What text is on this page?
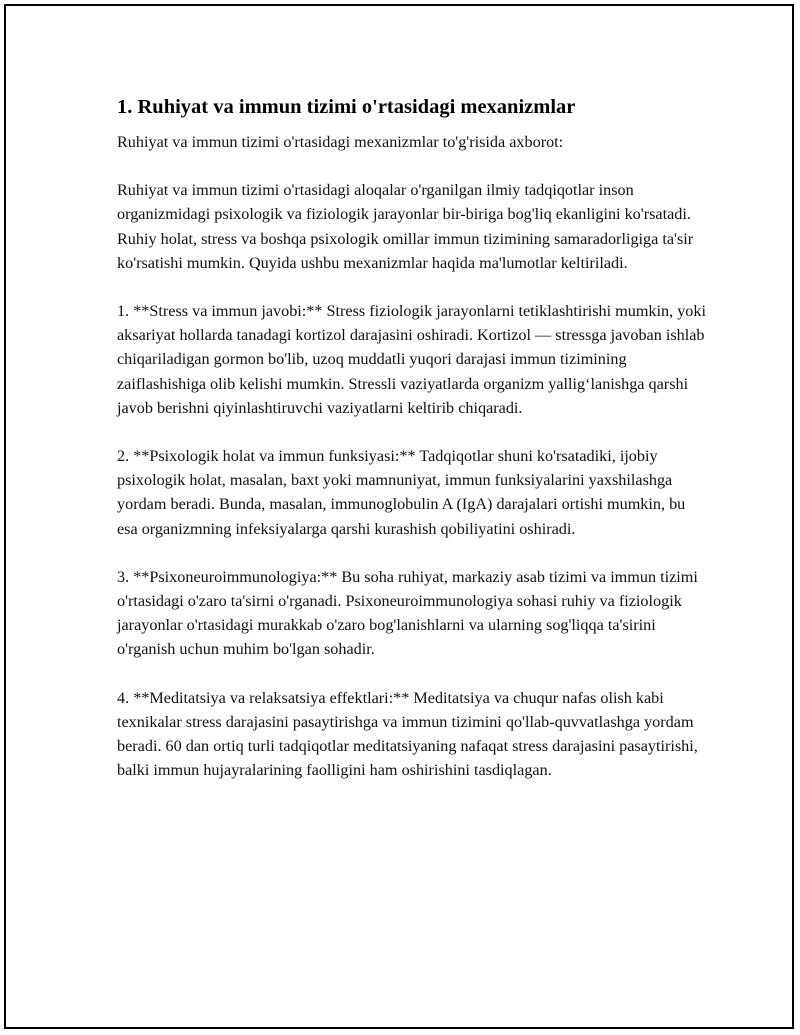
1. Ruhiyat va immun tizimi o'rtasidagi mexanizmlar

Ruhiyat va immun tizimi o'rtasidagi mexanizmlar to'g'risida axborot:

Ruhiyat va immun tizimi o'rtasidagi aloqalar o'rganilgan ilmiy tadqiqotlar inson organizmidagi psixologik va fiziologik jarayonlar bir-biriga bog'liq ekanligini ko'rsatadi. Ruhiy holat, stress va boshqa psixologik omillar immun tizimining samaradorligiga ta'sir ko'rsatishi mumkin. Quyida ushbu mexanizmlar haqida ma'lumotlar keltiriladi.

1. **Stress va immun javobi:** Stress fiziologik jarayonlarni tetiklashtirishi mumkin, yoki aksariyat hollarda tanadagi kortizol darajasini oshiradi. Kortizol — stressga javoban ishlab chiqariladigan gormon bo'lib, uzoq muddatli yuqori darajasi immun tizimining zaiflashishiga olib kelishi mumkin. Stressli vaziyatlarda organizm yallig‘lanishga qarshi javob berishni qiyinlashtiruvchi vaziyatlarni keltirib chiqaradi.

2. **Psixologik holat va immun funksiyasi:** Tadqiqotlar shuni ko'rsatadiki, ijobiy psixologik holat, masalan, baxt yoki mamnuniyat, immun funksiyalarini yaxshilashga yordam beradi. Bunda, masalan, immunoglobulin A (IgA) darajalari ortishi mumkin, bu esa organizmning infeksiyalarga qarshi kurashish qobiliyatini oshiradi.

3. **Psixoneuroimmunologiya:** Bu soha ruhiyat, markaziy asab tizimi va immun tizimi o'rtasidagi o'zaro ta'sirni o'rganadi. Psixoneuroimmunologiya sohasi ruhiy va fiziologik jarayonlar o'rtasidagi murakkab o'zaro bog'lanishlarni va ularning sog'liqqa ta'sirini o'rganish uchun muhim bo'lgan sohadir.

4. **Meditatsiya va relaksatsiya effektlari:** Meditatsiya va chuqur nafas olish kabi texnikalar stress darajasini pasaytirishga va immun tizimini qo'llab-quvvatlashga yordam beradi. 60 dan ortiq turli tadqiqotlar meditatsiyaning nafaqat stress darajasini pasaytirishi, balki immun hujayralarining faolligini ham oshirishini tasdiqlagan.
